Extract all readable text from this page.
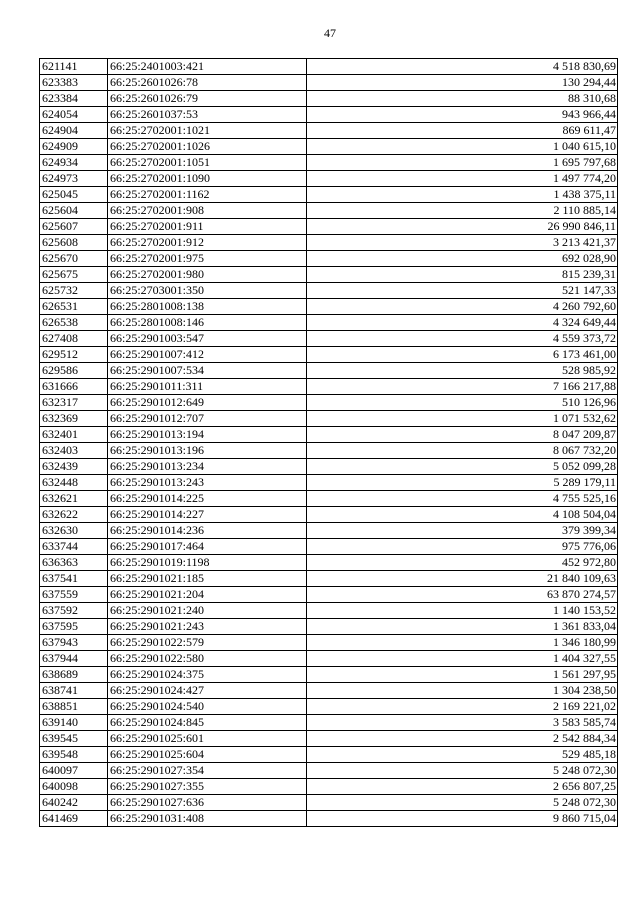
47
621141	66:25:2401003:421	4 518 830,69
623383	66:25:2601026:78	130 294,44
623384	66:25:2601026:79	88 310,68
624054	66:25:2601037:53	943 966,44
624904	66:25:2702001:1021	869 611,47
624909	66:25:2702001:1026	1 040 615,10
624934	66:25:2702001:1051	1 695 797,68
624973	66:25:2702001:1090	1 497 774,20
625045	66:25:2702001:1162	1 438 375,11
625604	66:25:2702001:908	2 110 885,14
625607	66:25:2702001:911	26 990 846,11
625608	66:25:2702001:912	3 213 421,37
625670	66:25:2702001:975	692 028,90
625675	66:25:2702001:980	815 239,31
625732	66:25:2703001:350	521 147,33
626531	66:25:2801008:138	4 260 792,60
626538	66:25:2801008:146	4 324 649,44
627408	66:25:2901003:547	4 559 373,72
629512	66:25:2901007:412	6 173 461,00
629586	66:25:2901007:534	528 985,92
631666	66:25:2901011:311	7 166 217,88
632317	66:25:2901012:649	510 126,96
632369	66:25:2901012:707	1 071 532,62
632401	66:25:2901013:194	8 047 209,87
632403	66:25:2901013:196	8 067 732,20
632439	66:25:2901013:234	5 052 099,28
632448	66:25:2901013:243	5 289 179,11
632621	66:25:2901014:225	4 755 525,16
632622	66:25:2901014:227	4 108 504,04
632630	66:25:2901014:236	379 399,34
633744	66:25:2901017:464	975 776,06
636363	66:25:2901019:1198	452 972,80
637541	66:25:2901021:185	21 840 109,63
637559	66:25:2901021:204	63 870 274,57
637592	66:25:2901021:240	1 140 153,52
637595	66:25:2901021:243	1 361 833,04
637943	66:25:2901022:579	1 346 180,99
637944	66:25:2901022:580	1 404 327,55
638689	66:25:2901024:375	1 561 297,95
638741	66:25:2901024:427	1 304 238,50
638851	66:25:2901024:540	2 169 221,02
639140	66:25:2901024:845	3 583 585,74
639545	66:25:2901025:601	2 542 884,34
639548	66:25:2901025:604	529 485,18
640097	66:25:2901027:354	5 248 072,30
640098	66:25:2901027:355	2 656 807,25
640242	66:25:2901027:636	5 248 072,30
641469	66:25:2901031:408	9 860 715,04
